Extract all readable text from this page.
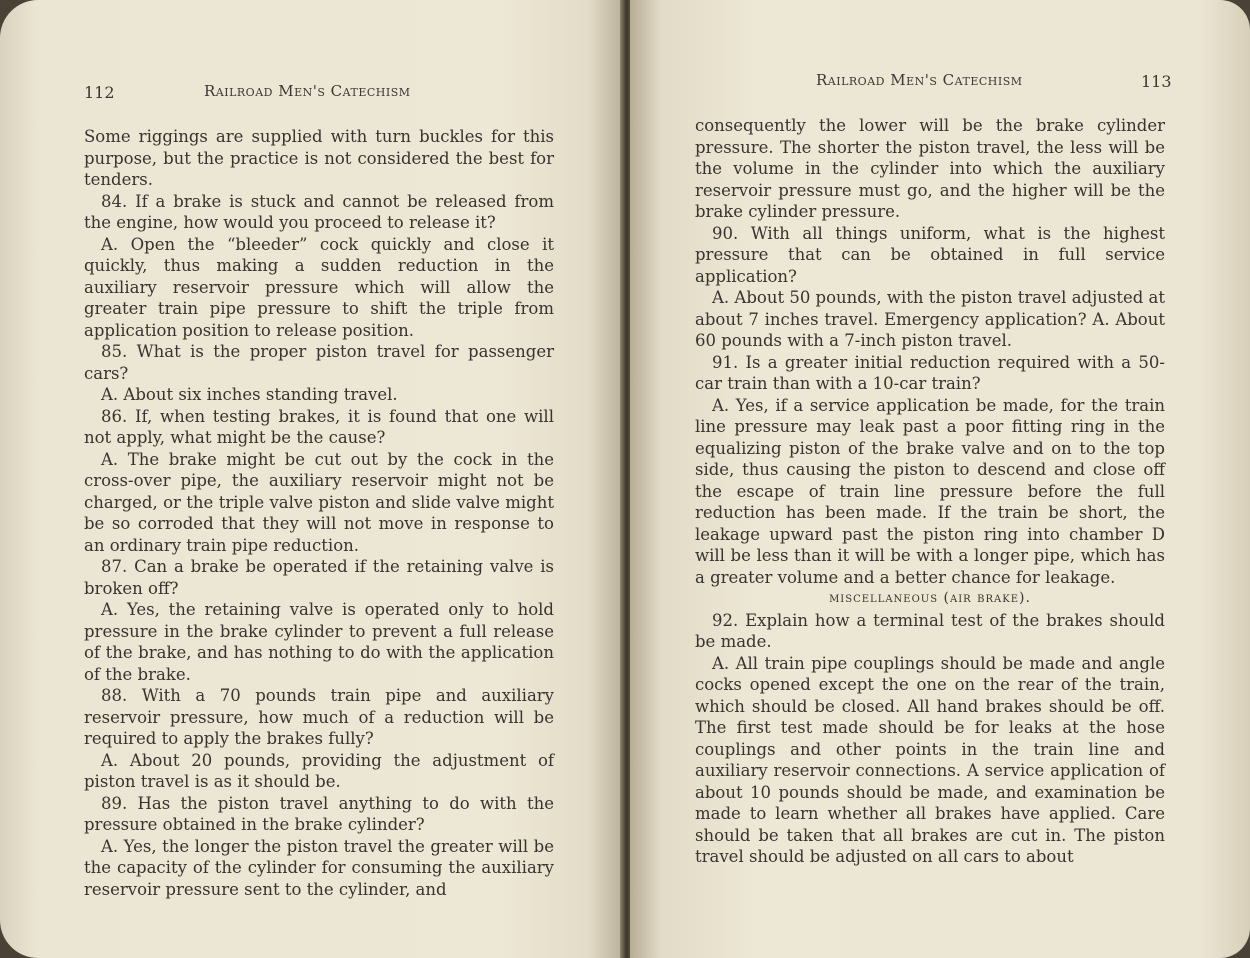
112	Railroad Men's Catechism

Some riggings are supplied with turn buckles for this purpose, but the practice is not considered the best for tenders.

84. If a brake is stuck and cannot be released from the engine, how would you proceed to release it?

A. Open the “bleeder” cock quickly and close it quickly, thus making a sudden reduction in the auxiliary reservoir pressure which will allow the greater train pipe pressure to shift the triple from application position to release position.

85. What is the proper piston travel for passenger cars?

A. About six inches standing travel.

86. If, when testing brakes, it is found that one will not apply, what might be the cause?

A. The brake might be cut out by the cock in the cross-over pipe, the auxiliary reservoir might not be charged, or the triple valve piston and slide valve might be so corroded that they will not move in response to an ordinary train pipe reduction.

87. Can a brake be operated if the retaining valve is broken off?

A. Yes, the retaining valve is operated only to hold pressure in the brake cylinder to prevent a full release of the brake, and has nothing to do with the application of the brake.

88. With a 70 pounds train pipe and auxiliary reservoir pressure, how much of a reduction will be required to apply the brakes fully?

A. About 20 pounds, providing the adjustment of piston travel is as it should be.

89. Has the piston travel anything to do with the pressure obtained in the brake cylinder?

A. Yes, the longer the piston travel the greater will be the capacity of the cylinder for consuming the auxiliary reservoir pressure sent to the cylinder, and

Railroad Men's Catechism	113

consequently the lower will be the brake cylinder pressure. The shorter the piston travel, the less will be the volume in the cylinder into which the auxiliary reservoir pressure must go, and the higher will be the brake cylinder pressure.

90. With all things uniform, what is the highest pressure that can be obtained in full service application?

A. About 50 pounds, with the piston travel adjusted at about 7 inches travel. Emergency application? A. About 60 pounds with a 7-inch piston travel.

91. Is a greater initial reduction required with a 50-car train than with a 10-car train?

A. Yes, if a service application be made, for the train line pressure may leak past a poor fitting ring in the equalizing piston of the brake valve and on to the top side, thus causing the piston to descend and close off the escape of train line pressure before the full reduction has been made. If the train be short, the leakage upward past the piston ring into chamber D will be less than it will be with a longer pipe, which has a greater volume and a better chance for leakage.

miscellaneous (air brake).

92. Explain how a terminal test of the brakes should be made.

A. All train pipe couplings should be made and angle cocks opened except the one on the rear of the train, which should be closed. All hand brakes should be off. The first test made should be for leaks at the hose couplings and other points in the train line and auxiliary reservoir connections. A service application of about 10 pounds should be made, and examination be made to learn whether all brakes have applied. Care should be taken that all brakes are cut in. The piston travel should be adjusted on all cars to about
